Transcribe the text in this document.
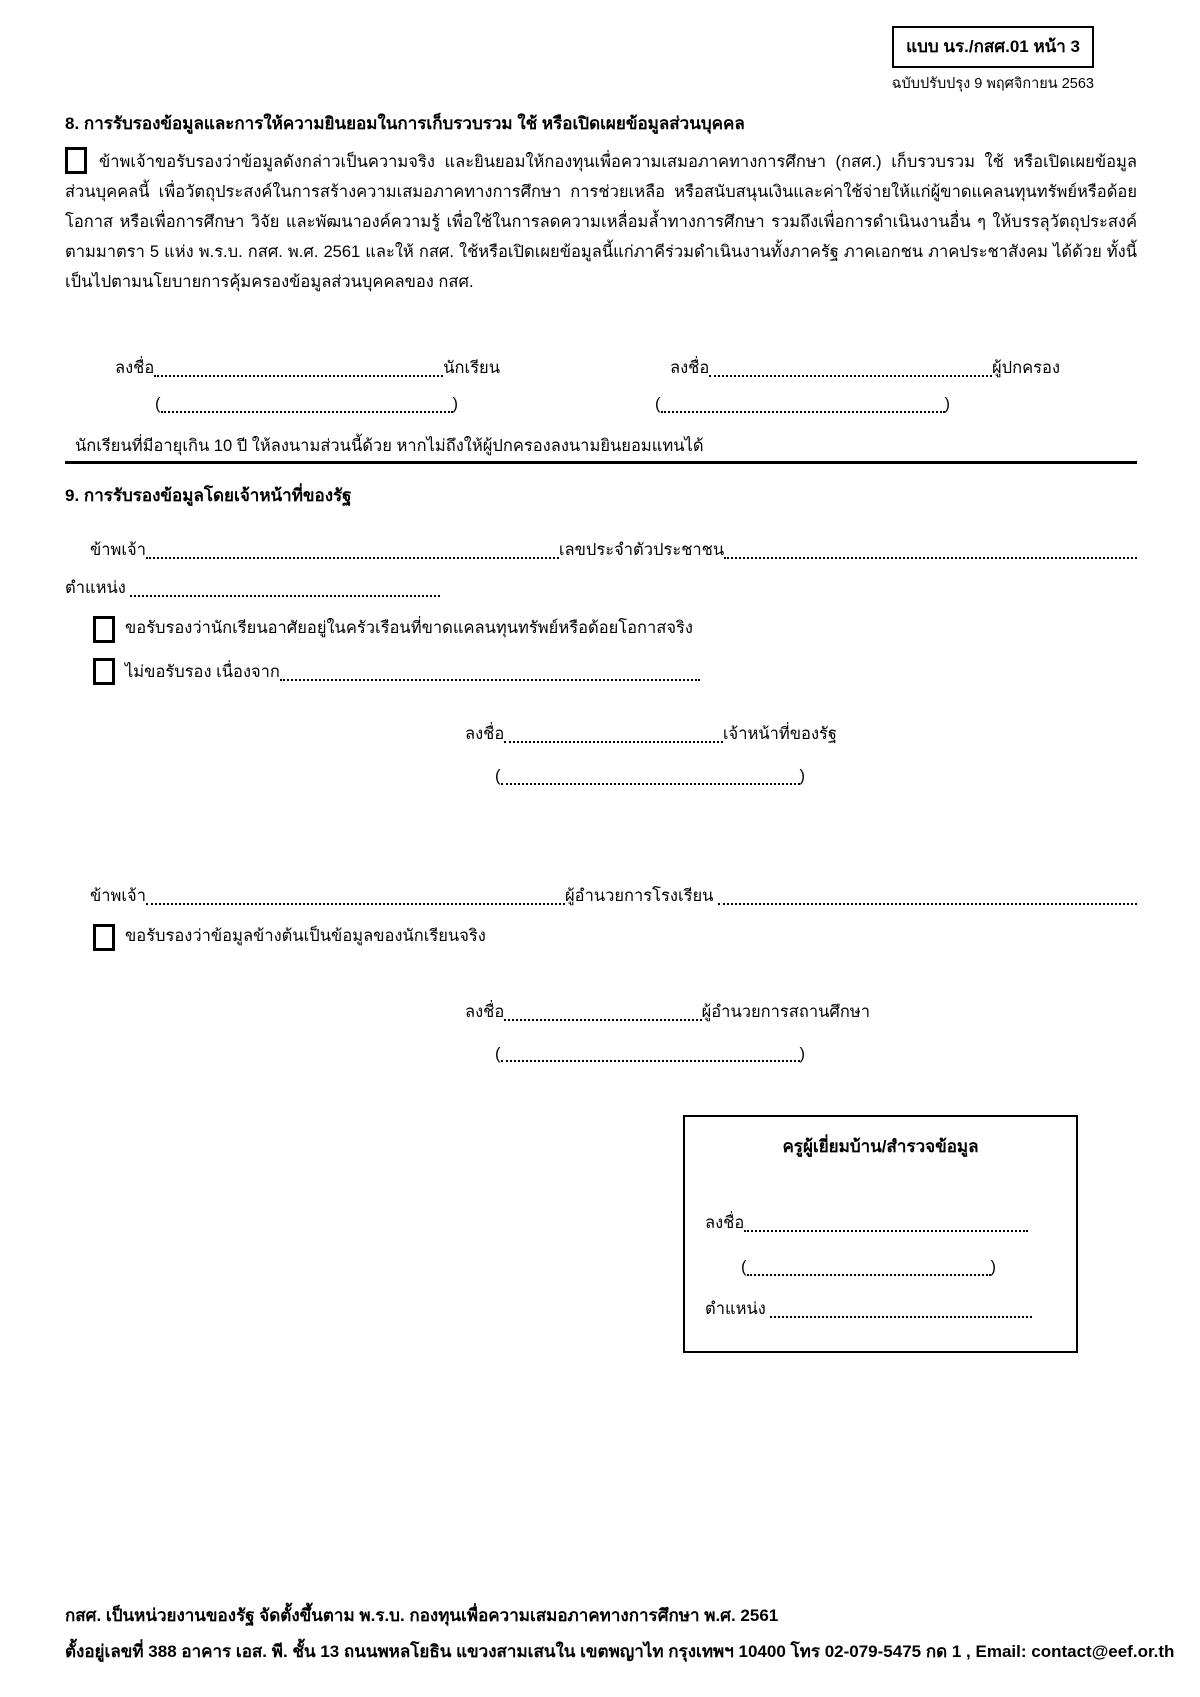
แบบ นร./กสศ.01 หน้า 3
ฉบับปรับปรุง 9 พฤศจิกายน 2563
8. การรับรองข้อมูลและการให้ความยินยอมในการเก็บรวบรวม ใช้ หรือเปิดเผยข้อมูลส่วนบุคคล
ข้าพเจ้าขอรับรองว่าข้อมูลดังกล่าวเป็นความจริง และยินยอมให้กองทุนเพื่อความเสมอภาคทางการศึกษา (กสศ.) เก็บรวบรวม ใช้ หรือเปิดเผยข้อมูลส่วนบุคคลนี้ เพื่อวัตถุประสงค์ในการสร้างความเสมอภาคทางการศึกษา การช่วยเหลือ หรือสนับสนุนเงินและค่าใช้จ่ายให้แก่ผู้ขาดแคลนทุนทรัพย์หรือด้อยโอกาส หรือเพื่อการศึกษา วิจัย และพัฒนาองค์ความรู้ เพื่อใช้ในการลดความเหลื่อมล้ำทางการศึกษา รวมถึงเพื่อการดำเนินงานอื่น ๆ ให้บรรลุวัตถุประสงค์ตามมาตรา 5 แห่ง พ.ร.บ. กสศ. พ.ศ. 2561 และให้ กสศ. ใช้หรือเปิดเผยข้อมูลนี้แก่ภาคีร่วมดำเนินงานทั้งภาครัฐ ภาคเอกชน ภาคประชาสังคม ได้ด้วย ทั้งนี้ เป็นไปตามนโยบายการคุ้มครองข้อมูลส่วนบุคคลของ กสศ.
ลงชื่อ	นักเรียน	ลงชื่อ	ผู้ปกครอง
(	)	(	)
นักเรียนที่มีอายุเกิน 10 ปี ให้ลงนามส่วนนี้ด้วย หากไม่ถึงให้ผู้ปกครองลงนามยินยอมแทนได้
9. การรับรองข้อมูลโดยเจ้าหน้าที่ของรัฐ
ข้าพเจ้า	เลขประจำตัวประชาชน
ตำแหน่ง

ขอรับรองว่านักเรียนอาศัยอยู่ในครัวเรือนที่ขาดแคลนทุนทรัพย์หรือด้อยโอกาสจริง
ไม่ขอรับรอง เนื่องจาก
ลงชื่อ	เจ้าหน้าที่ของรัฐ
(	)
ข้าพเจ้า	ผู้อำนวยการโรงเรียน

ขอรับรองว่าข้อมูลข้างต้นเป็นข้อมูลของนักเรียนจริง
ลงชื่อ	ผู้อำนวยการสถานศึกษา
(	)
ครูผู้เยี่ยมบ้าน/สำรวจข้อมูล
ลงชื่อ
(	)
ตำแหน่ง

กสศ. เป็นหน่วยงานของรัฐ จัดตั้งขึ้นตาม พ.ร.บ. กองทุนเพื่อความเสมอภาคทางการศึกษา พ.ศ. 2561
ตั้งอยู่เลขที่ 388 อาคาร เอส. พี. ชั้น 13 ถนนพหลโยธิน แขวงสามเสนใน เขตพญาไท กรุงเทพฯ 10400 โทร 02-079-5475 กด 1 , Email: contact@eef.or.th
